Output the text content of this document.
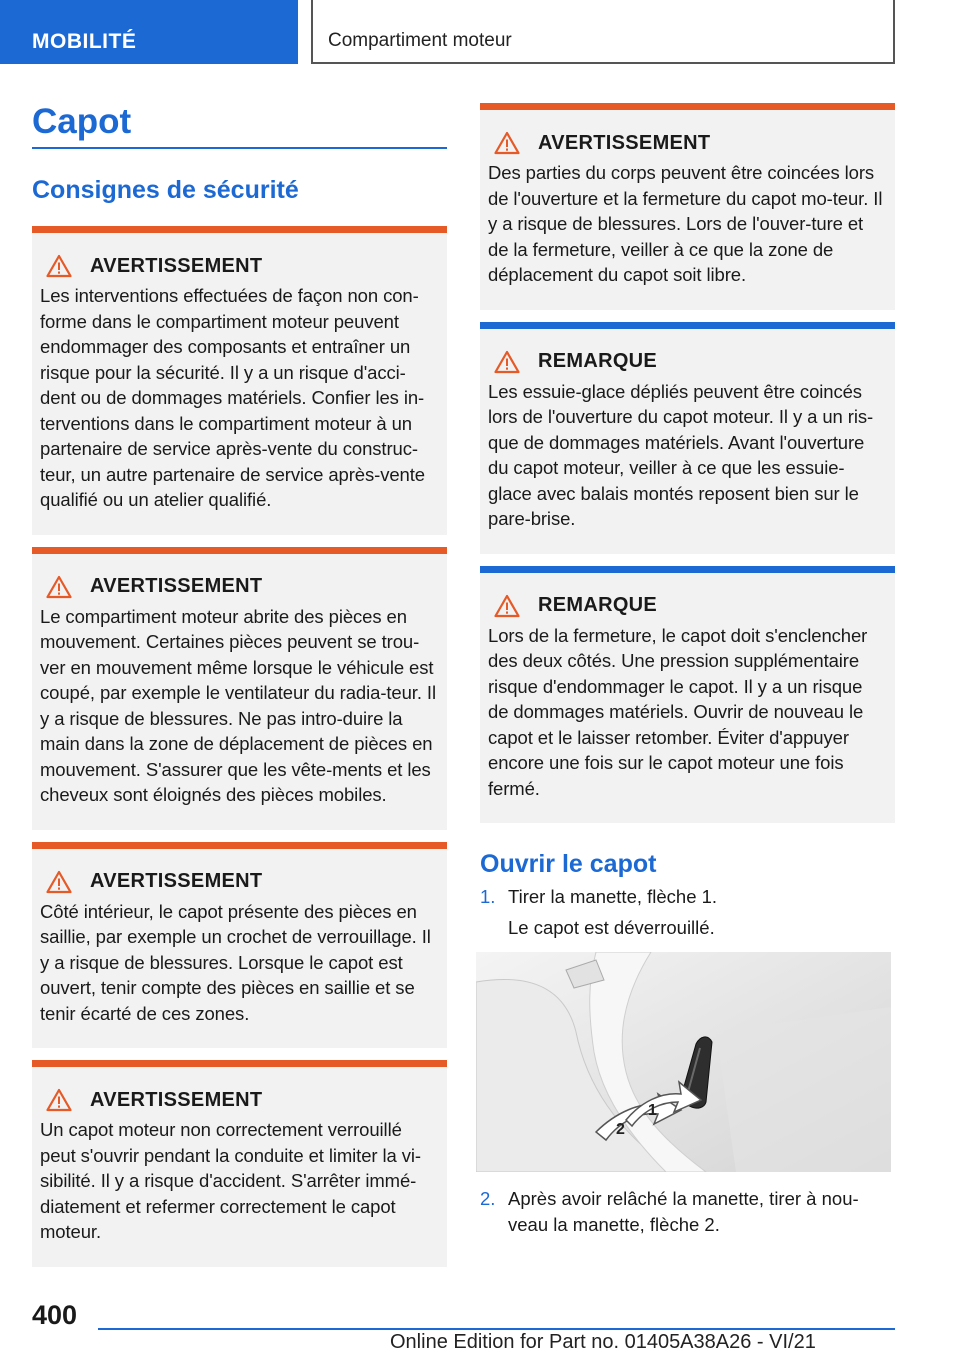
MOBILITÉ	Compartiment moteur
Capot
Consignes de sécurité
AVERTISSEMENT
Les interventions effectuées de façon non con‐forme dans le compartiment moteur peuvent endommager des composants et entraîner un risque pour la sécurité. Il y a un risque d'acci‐dent ou de dommages matériels. Confier les in‐terventions dans le compartiment moteur à un partenaire de service après-vente du construc‐teur, un autre partenaire de service après-vente qualifié ou un atelier qualifié.
AVERTISSEMENT
Le compartiment moteur abrite des pièces en mouvement. Certaines pièces peuvent se trou‐ver en mouvement même lorsque le véhicule est coupé, par exemple le ventilateur du radia‐teur. Il y a risque de blessures. Ne pas intro‐duire la main dans la zone de déplacement de pièces en mouvement. S'assurer que les vête‐ments et les cheveux sont éloignés des pièces mobiles.
AVERTISSEMENT
Côté intérieur, le capot présente des pièces en saillie, par exemple un crochet de verrouillage. Il y a risque de blessures. Lorsque le capot est ouvert, tenir compte des pièces en saillie et se tenir écarté de ces zones.
AVERTISSEMENT
Un capot moteur non correctement verrouillé peut s'ouvrir pendant la conduite et limiter la vi‐sibilité. Il y a risque d'accident. S'arrêter immé‐diatement et refermer correctement le capot moteur.
AVERTISSEMENT
Des parties du corps peuvent être coincées lors de l'ouverture et la fermeture du capot mo‐teur. Il y a risque de blessures. Lors de l'ouver‐ture et de la fermeture, veiller à ce que la zone de déplacement du capot soit libre.
REMARQUE
Les essuie-glace dépliés peuvent être coincés lors de l'ouverture du capot moteur. Il y a un ris‐que de dommages matériels. Avant l'ouverture du capot moteur, veiller à ce que les essuie-glace avec balais montés reposent bien sur le pare-brise.
REMARQUE
Lors de la fermeture, le capot doit s'enclencher des deux côtés. Une pression supplémentaire risque d'endommager le capot. Il y a un risque de dommages matériels. Ouvrir de nouveau le capot et le laisser retomber. Éviter d'appuyer encore une fois sur le capot moteur une fois fermé.
Ouvrir le capot
1. Tirer la manette, flèche 1.
Le capot est déverrouillé.
2
1
2. Après avoir relâché la manette, tirer à nou‐veau la manette, flèche 2.
400
Online Edition for Part no. 01405A38A26 - VI/21
